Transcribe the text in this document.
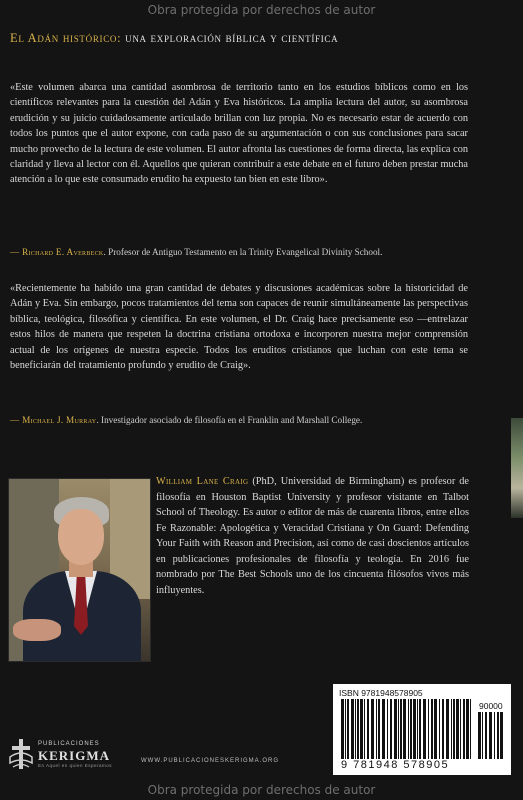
Obra protegida por derechos de autor
El Adán histórico: una exploración bíblica y científica
«Este volumen abarca una cantidad asombrosa de territorio tanto en los estudios bíblicos como en los científicos relevantes para la cuestión del Adán y Eva históricos. La amplia lectura del autor, su asombrosa erudición y su juicio cuidadosamente articulado brillan con luz propia. No es necesario estar de acuerdo con todos los puntos que el autor expone, con cada paso de su argumentación o con sus conclusiones para sacar mucho provecho de la lectura de este volumen. El autor afronta las cuestiones de forma directa, las explica con claridad y lleva al lector con él. Aquellos que quieran contribuir a este debate en el futuro deben prestar mucha atención a lo que este consumado erudito ha expuesto tan bien en este libro».
— Richard E. Averbeck. Profesor de Antiguo Testamento en la Trinity Evangelical Divinity School.
«Recientemente ha habido una gran cantidad de debates y discusiones académicas sobre la historicidad de Adán y Eva. Sin embargo, pocos tratamientos del tema son capaces de reunir simultáneamente las perspectivas bíblica, teológica, filosófica y científica. En este volumen, el Dr. Craig hace precisamente eso —entrelazar estos hilos de manera que respeten la doctrina cristiana ortodoxa e incorporen nuestra mejor comprensión actual de los orígenes de nuestra especie. Todos los eruditos cristianos que luchan con este tema se beneficiarán del tratamiento profundo y erudito de Craig».
— Michael J. Murray. Investigador asociado de filosofía en el Franklin and Marshall College.
William Lane Craig (PhD, Universidad de Birmingham) es profesor de filosofía en Houston Baptist University y profesor visitante en Talbot School of Theology. Es autor o editor de más de cuarenta libros, entre ellos Fe Razonable: Apologética y Veracidad Cristiana y On Guard: Defending Your Faith with Reason and Precision, así como de casi doscientos artículos en publicaciones profesionales de filosofía y teología. En 2016 fue nombrado por The Best Schools uno de los cincuenta filósofos vivos más influyentes.
PUBLICACIONES
KERIGMA
En Aquel en quien Esperamos
WWW.PUBLICACIONESKERIGMA.ORG
ISBN 9781948578905
90000
9 781948 578905
Obra protegida por derechos de autor
